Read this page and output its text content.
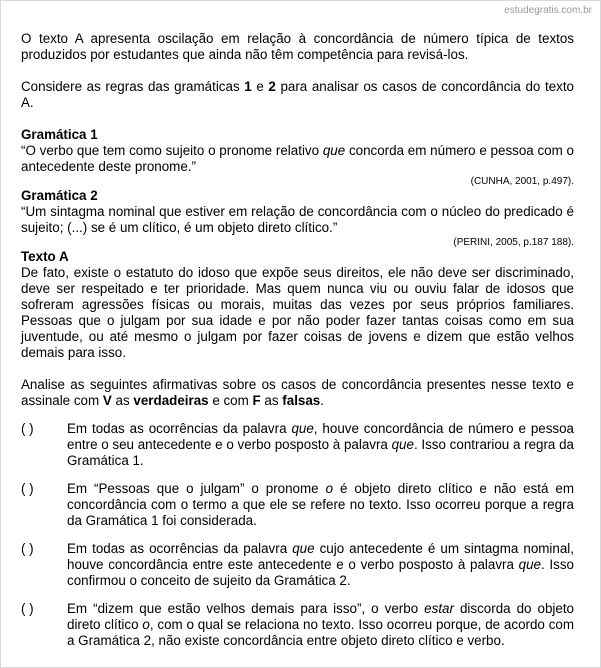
estudegratis.com.br

O texto A apresenta oscilação em relação à concordância de número típica de textos produzidos por estudantes que ainda não têm competência para revisá-los.

Considere as regras das gramáticas 1 e 2 para analisar os casos de concordância do texto A.

Gramática 1

“O verbo que tem como sujeito o pronome relativo que concorda em número e pessoa com o antecedente deste pronome.”

(CUNHA, 2001, p.497).

Gramática 2

“Um sintagma nominal que estiver em relação de concordância com o núcleo do predicado é sujeito; (...) se é um clítico, é um objeto direto clítico.”

(PERINI, 2005, p.187 188).

Texto A

De fato, existe o estatuto do idoso que expõe seus direitos, ele não deve ser discriminado, deve ser respeitado e ter prioridade. Mas quem nunca viu ou ouviu falar de idosos que sofreram agressões físicas ou morais, muitas das vezes por seus próprios familiares. Pessoas que o julgam por sua idade e por não poder fazer tantas coisas como em sua juventude, ou até mesmo o julgam por fazer coisas de jovens e dizem que estão velhos demais para isso.

Analise as seguintes afirmativas sobre os casos de concordância presentes nesse texto e assinale com V as verdadeiras e com F as falsas.

( ) Em todas as ocorrências da palavra que, houve concordância de número e pessoa entre o seu antecedente e o verbo posposto à palavra que. Isso contrariou a regra da Gramática 1.
( ) Em “Pessoas que o julgam” o pronome o é objeto direto clítico e não está em concordância com o termo a que ele se refere no texto. Isso ocorreu porque a regra da Gramática 1 foi considerada.
( ) Em todas as ocorrências da palavra que cujo antecedente é um sintagma nominal, houve concordância entre este antecedente e o verbo posposto à palavra que. Isso confirmou o conceito de sujeito da Gramática 2.
( ) Em “dizem que estão velhos demais para isso”, o verbo estar discorda do objeto direto clítico o, com o qual se relaciona no texto. Isso ocorreu porque, de acordo com a Gramática 2, não existe concordância entre objeto direto clítico e verbo.
